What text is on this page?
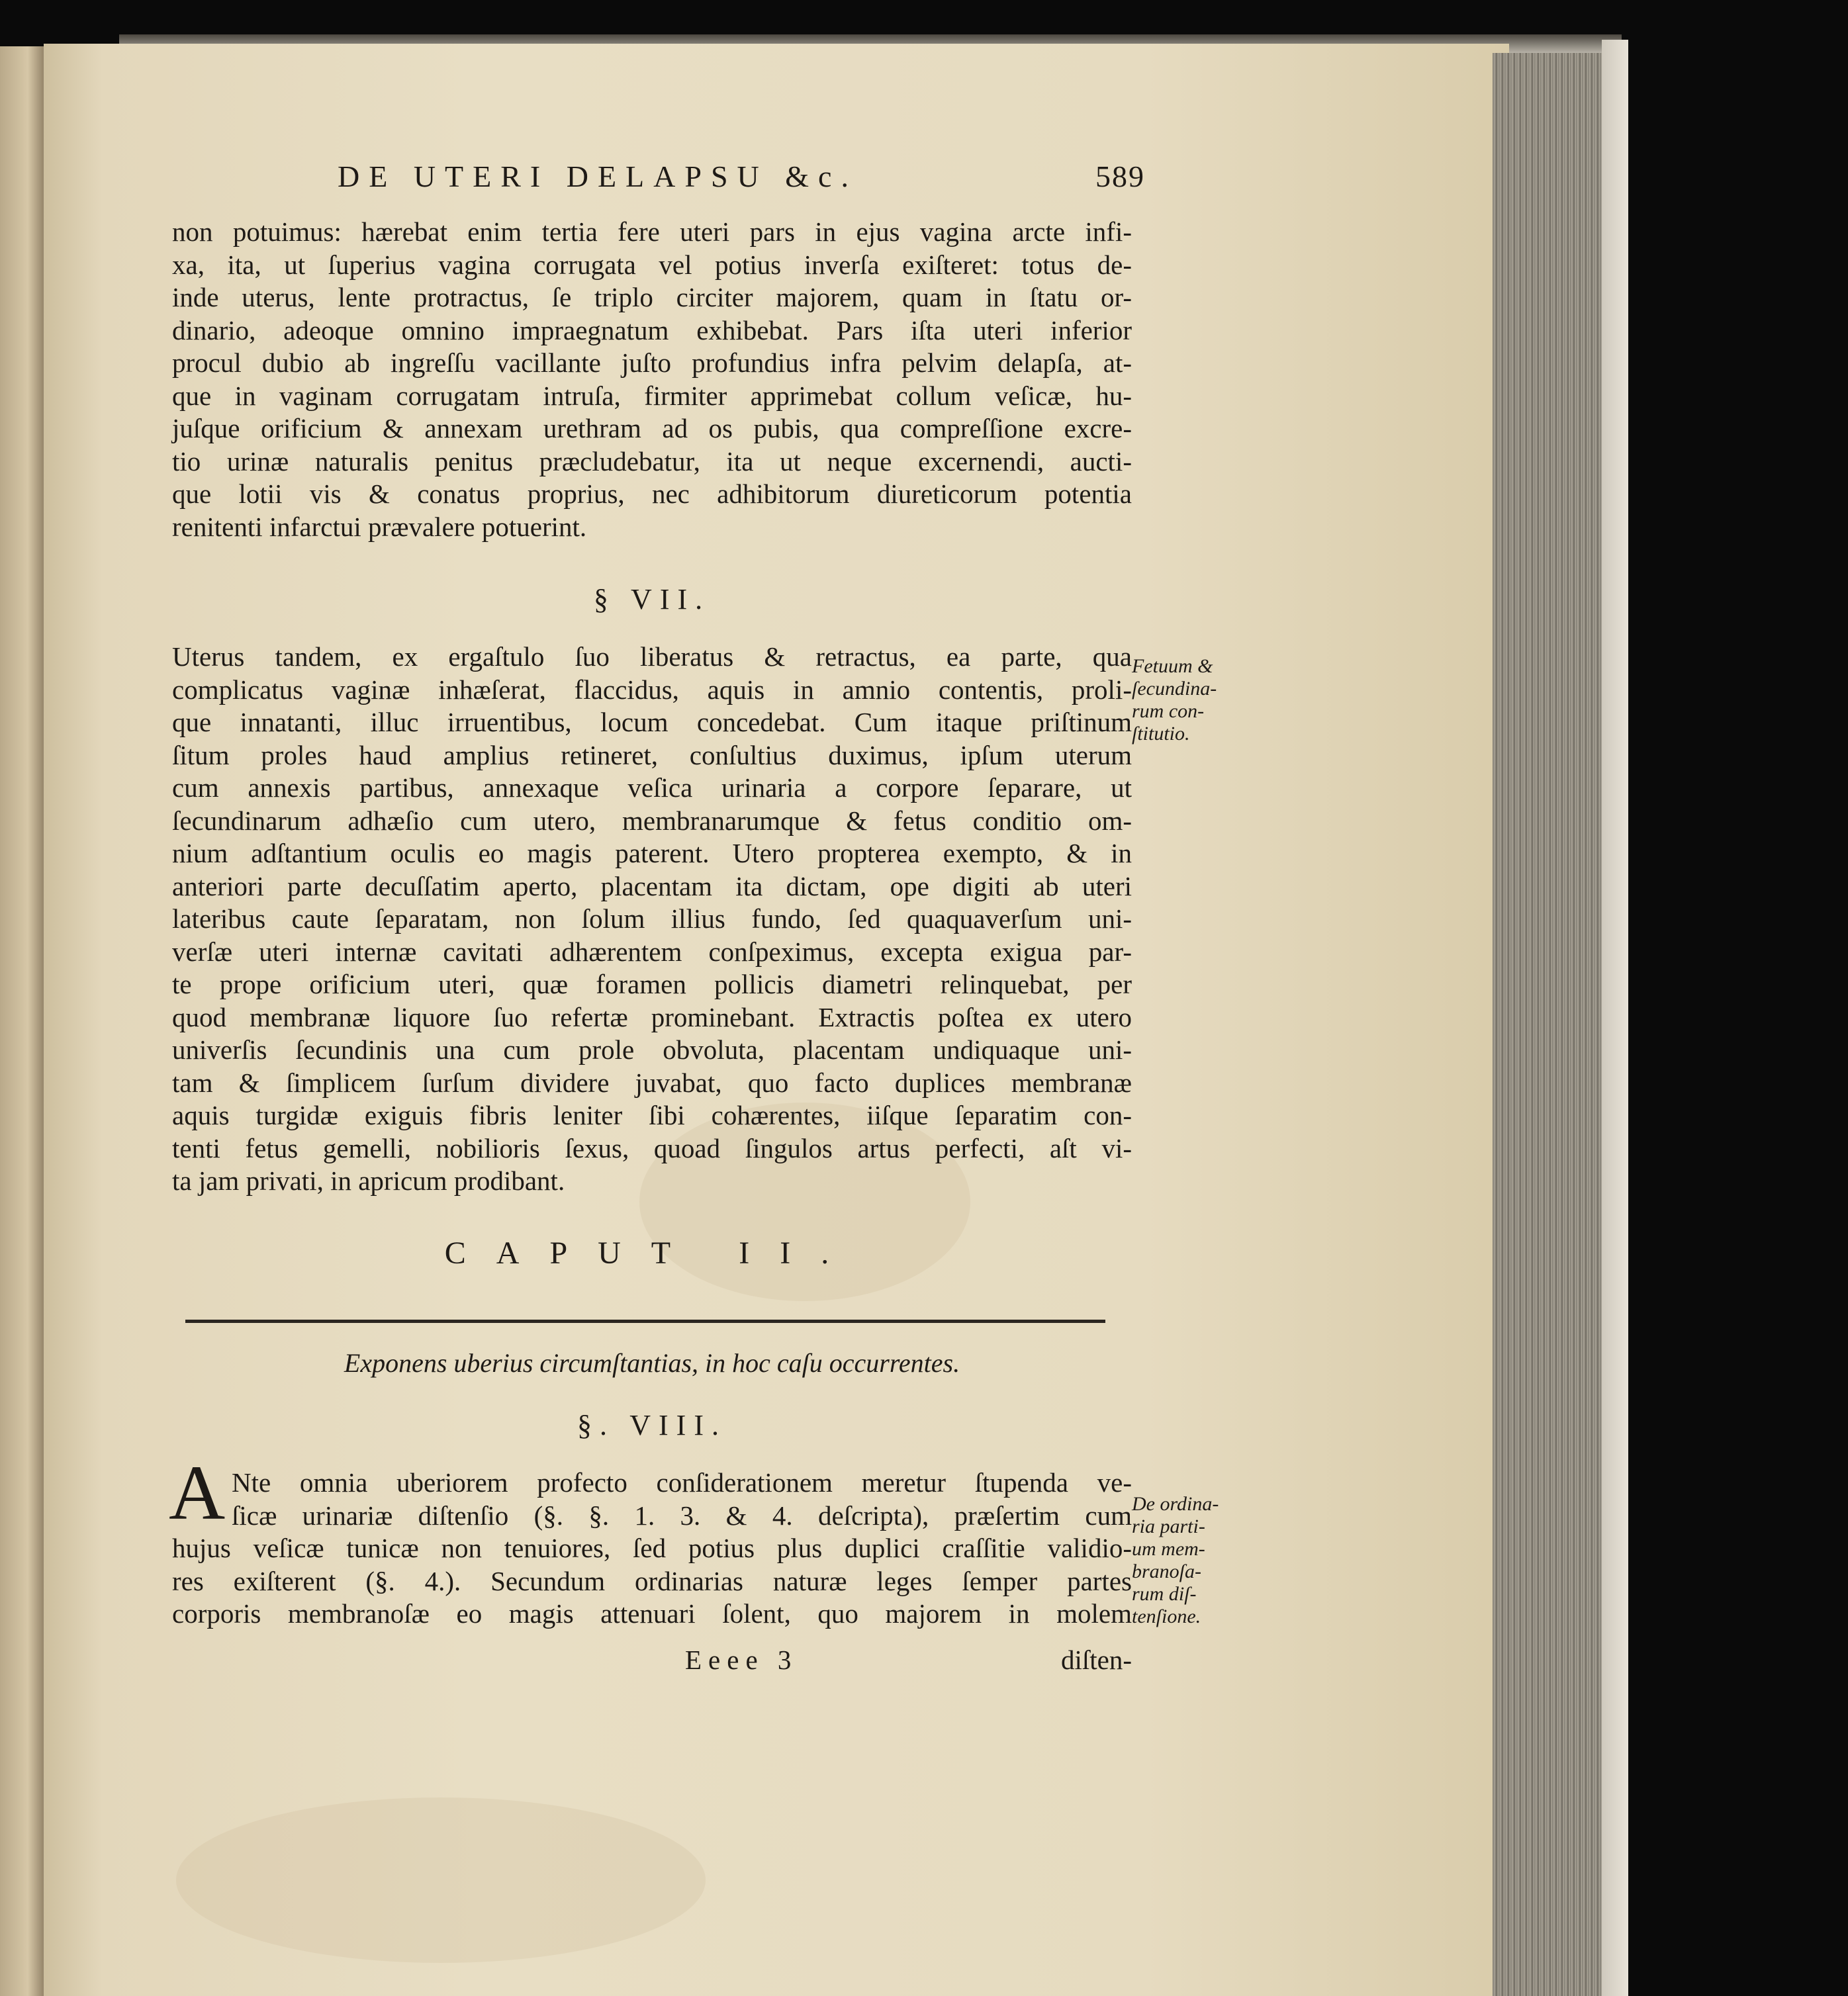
DE UTERI DELAPSU &c.	589
non potuimus: hærebat enim tertia fere uteri pars in ejus vagina arcte infi-
xa, ita, ut ſuperius vagina corrugata vel potius inverſa exiſteret: totus de-
inde uterus, lente protractus, ſe triplo circiter majorem, quam in ſtatu or-
dinario, adeoque omnino impraegnatum exhibebat. Pars iſta uteri inferior
procul dubio ab ingreſſu vacillante juſto profundius infra pelvim delapſa, at-
que in vaginam corrugatam intruſa, firmiter apprimebat collum veſicæ, hu-
juſque orificium & annexam urethram ad os pubis, qua compreſſione excre-
tio urinæ naturalis penitus præcludebatur, ita ut neque excernendi, aucti-
que lotii vis & conatus proprius, nec adhibitorum diureticorum potentia
renitenti infarctui prævalere potuerint.
§ VII.
Uterus tandem, ex ergaſtulo ſuo liberatus & retractus, ea parte, qua
complicatus vaginæ inhæſerat, flaccidus, aquis in amnio contentis, proli-
que innatanti, illuc irruentibus, locum concedebat. Cum itaque priſtinum
ſitum proles haud amplius retineret, conſultius duximus, ipſum uterum
cum annexis partibus, annexaque veſica urinaria a corpore ſeparare, ut
ſecundinarum adhæſio cum utero, membranarumque & fetus conditio om-
nium adſtantium oculis eo magis paterent. Utero propterea exempto, & in
anteriori parte decuſſatim aperto, placentam ita dictam, ope digiti ab uteri
lateribus caute ſeparatam, non ſolum illius fundo, ſed quaquaverſum uni-
verſæ uteri internæ cavitati adhærentem conſpeximus, excepta exigua par-
te prope orificium uteri, quæ foramen pollicis diametri relinquebat, per
quod membranæ liquore ſuo refertæ prominebant. Extractis poſtea ex utero
univerſis ſecundinis una cum prole obvoluta, placentam undiquaque uni-
tam & ſimplicem ſurſum dividere juvabat, quo facto duplices membranæ
aquis turgidæ exiguis fibris leniter ſibi cohærentes, iiſque ſeparatim con-
tenti fetus gemelli, nobilioris ſexus, quoad ſingulos artus perfecti, aſt vi-
ta jam privati, in apricum prodibant.
Fetuum &
ſecundina-
rum con-
ſtitutio.
CAPUT II.
Exponens uberius circumſtantias, in hoc caſu occurrentes.
§. VIII.
A Nte omnia uberiorem profecto conſiderationem meretur ſtupenda ve-
ſicæ urinariæ diſtenſio (§. §. 1. 3. & 4. deſcripta), præſertim cum
hujus veſicæ tunicæ non tenuiores, ſed potius plus duplici craſſitie validio-
res exiſterent (§. 4.). Secundum ordinarias naturæ leges ſemper partes
corporis membranoſæ eo magis attenuari ſolent, quo majorem in molem
De ordina-
ria parti-
um mem-
branoſa-
rum diſ-
tenſione.
Eeee 3	diſten-
